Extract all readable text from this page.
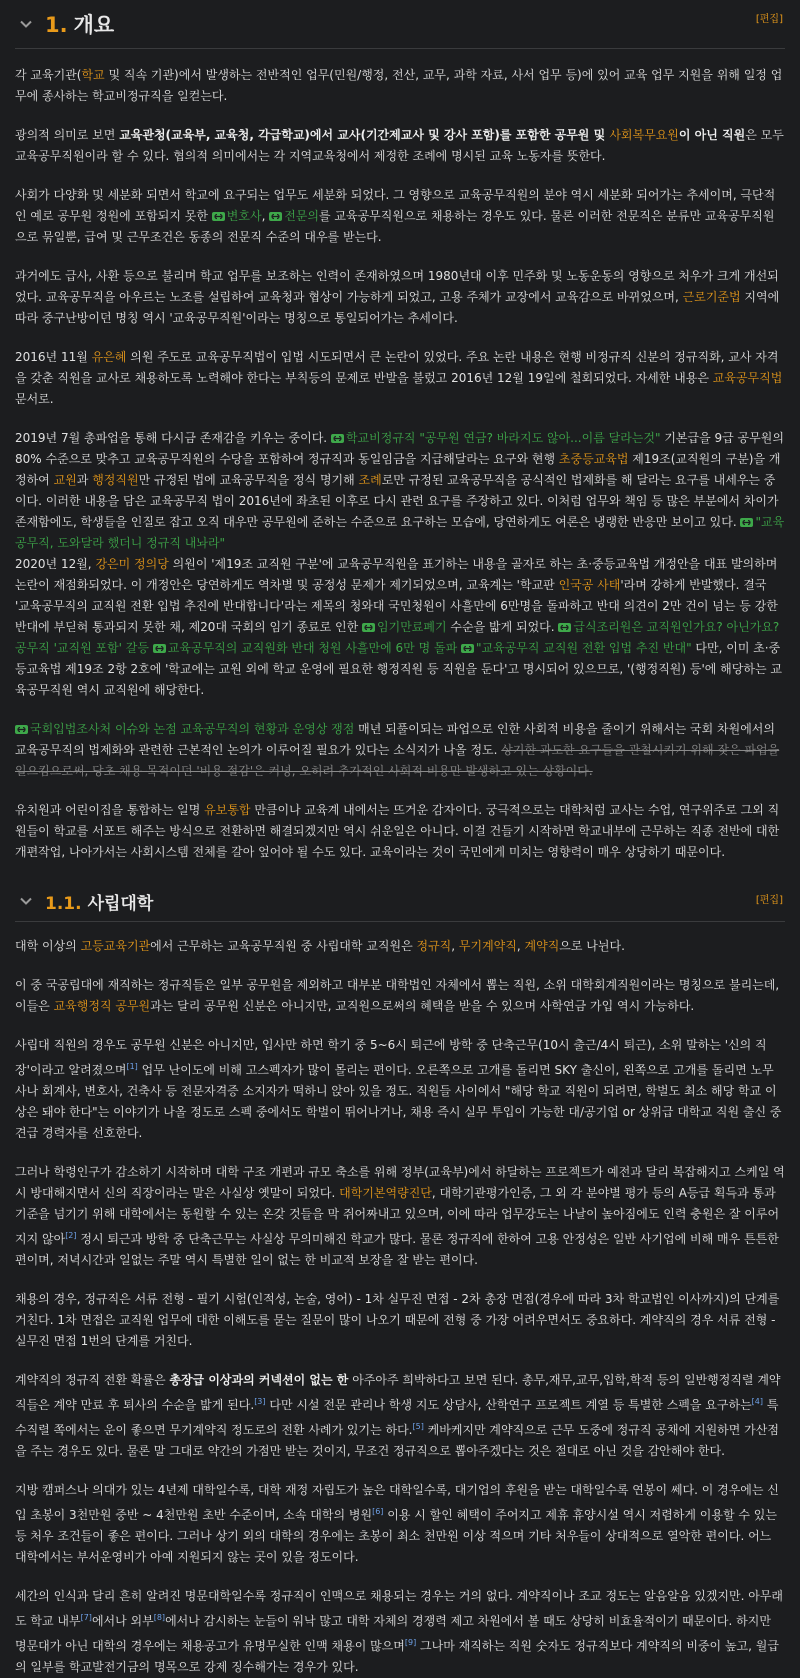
1. 개요	[편집]

각 교육기관(학교 및 직속 기관)에서 발생하는 전반적인 업무(민원/행정, 전산, 교무, 과학 자료, 사서 업무 등)에 있어 교육 업무 지원을 위해 일정 업무에 종사하는 학교비정규직을 일컫는다.

광의적 의미로 보면 교육관청(교육부, 교육청, 각급학교)에서 교사(기간제교사 및 강사 포함)를 포함한 공무원 및 사회복무요원이 아닌 직원은 모두 교육공무직원이라 할 수 있다. 협의적 의미에서는 각 지역교육청에서 제정한 조례에 명시된 교육 노동자를 뜻한다.

사회가 다양화 및 세분화 되면서 학교에 요구되는 업무도 세분화 되었다. 그 영향으로 교육공무직원의 분야 역시 세분화 되어가는 추세이며, 극단적인 예로 공무원 정원에 포함되지 못한 변호사, 전문의를 교육공무직원으로 채용하는 경우도 있다. 물론 이러한 전문직은 분류만 교육공무직원으로 묶일뿐, 급여 및 근무조건은 동종의 전문직 수준의 대우를 받는다.

과거에도 급사, 사환 등으로 불리며 학교 업무를 보조하는 인력이 존재하였으며 1980년대 이후 민주화 및 노동운동의 영향으로 처우가 크게 개선되었다. 교육공무직을 아우르는 노조를 설립하여 교육청과 협상이 가능하게 되었고, 고용 주체가 교장에서 교육감으로 바뀌었으며, 근로기준법 지역에 따라 중구난방이던 명칭 역시 '교육공무직원'이라는 명칭으로 통일되어가는 추세이다.

2016년 11월 유은혜 의원 주도로 교육공무직법이 입법 시도되면서 큰 논란이 있었다. 주요 논란 내용은 현행 비정규직 신분의 정규직화, 교사 자격을 갖춘 직원을 교사로 채용하도록 노력해야 한다는 부칙등의 문제로 반발을 불렀고 2016년 12월 19일에 철회되었다. 자세한 내용은 교육공무직법 문서로.

2019년 7월 총파업을 통해 다시금 존재감을 키우는 중이다. 학교비정규직 "공무원 연금? 바라지도 않아...이름 달라는것" 기본급을 9급 공무원의 80% 수준으로 맞추고 교육공무직원의 수당을 포함하여 정규직과 동일임금을 지급해달라는 요구와 현행 초중등교육법 제19조(교직원의 구분)을 개정하여 교원과 행정직원만 규정된 법에 교육공무직을 정식 명기해 조례로만 규정된 교육공무직을 공식적인 법제화를 해 달라는 요구를 내세우는 중이다. 이러한 내용을 담은 교육공무직 법이 2016년에 좌초된 이후로 다시 관련 요구를 주장하고 있다. 이처럼 업무와 책임 등 많은 부분에서 차이가 존재함에도, 학생들을 인질로 잡고 오직 대우만 공무원에 준하는 수준으로 요구하는 모습에, 당연하게도 여론은 냉랭한 반응만 보이고 있다. "교육공무직, 도와달라 했더니 정규직 내놔라"

2020년 12월, 강은미 정의당 의원이 '제19조 교직원 구분'에 교육공무직원을 표기하는 내용을 골자로 하는 초·중등교육법 개정안을 대표 발의하며 논란이 재점화되었다. 이 개정안은 당연하게도 역차별 및 공정성 문제가 제기되었으며, 교육계는 '학교판 인국공 사태'라며 강하게 반발했다. 결국 '교육공무직의 교직원 전환 입법 추진에 반대합니다'라는 제목의 청와대 국민청원이 사흘만에 6만명을 돌파하고 반대 의견이 2만 건이 넘는 등 강한 반대에 부딛혀 통과되지 못한 채, 제20대 국회의 임기 종료로 인한 임기만료폐기 수순을 밟게 되었다. 급식조리원은 교직원인가요? 아닌가요? 공무직 '교직원 포함' 갈등 교육공무직의 교직원화 반대 청원 사흘만에 6만 명 돌파 "교육공무직 교직원 전환 입법 추진 반대" 다만, 이미 초·중등교육법 제19조 2항 2호에 '학교에는 교원 외에 학교 운영에 필요한 행정직원 등 직원을 둔다'고 명시되어 있으므로, '(행정직원) 등'에 해당하는 교육공무직원 역시 교직원에 해당한다.

국회입법조사처 이슈와 논점 교육공무직의 현황과 운영상 쟁점 매년 되풀이되는 파업으로 인한 사회적 비용을 줄이기 위해서는 국회 차원에서의 교육공무직의 법제화와 관련한 근본적인 논의가 이루어질 필요가 있다는 소식지가 나올 정도. 상기한 과도한 요구들을 관철시키기 위해 잦은 파업을 일으킴으로써, 당초 채용 목적이던 '비용 절감'은 커녕, 오히려 추가적인 사회적 비용만 발생하고 있는 상황이다.

유치원과 어린이집을 통합하는 일명 유보통합 만큼이나 교육계 내에서는 뜨거운 감자이다. 궁극적으로는 대학처럼 교사는 수업, 연구위주로 그외 직원들이 학교를 서포트 해주는 방식으로 전환하면 해결되겠지만 역시 쉬운일은 아니다. 이걸 건들기 시작하면 학교내부에 근무하는 직종 전반에 대한 개편작업, 나아가서는 사회시스템 전체를 갈아 엎어야 될 수도 있다. 교육이라는 것이 국민에게 미치는 영향력이 매우 상당하기 때문이다.

1.1. 사립대학	[편집]

대학 이상의 고등교육기관에서 근무하는 교육공무직원 중 사립대학 교직원은 정규직, 무기계약직, 계약직으로 나뉜다.

이 중 국공립대에 재직하는 정규직들은 일부 공무원을 제외하고 대부분 대학법인 자체에서 뽑는 직원, 소위 대학회계직원이라는 명칭으로 불리는데, 이들은 교육행정직 공무원과는 달리 공무원 신분은 아니지만, 교직원으로써의 혜택을 받을 수 있으며 사학연금 가입 역시 가능하다.

사립대 직원의 경우도 공무원 신분은 아니지만, 입사만 하면 학기 중 5~6시 퇴근에 방학 중 단축근무(10시 출근/4시 퇴근), 소위 말하는 '신의 직장'이라고 알려졌으며[1] 업무 난이도에 비해 고스펙자가 많이 몰리는 편이다. 오른쪽으로 고개를 돌리면 SKY 출신이, 왼쪽으로 고개를 돌리면 노무사나 회계사, 변호사, 건축사 등 전문자격증 소지자가 떡하니 앉아 있을 정도. 직원들 사이에서 "해당 학교 직원이 되려면, 학벌도 최소 해당 학교 이상은 돼야 한다"는 이야기가 나올 정도로 스펙 중에서도 학벌이 뛰어나거나, 채용 즉시 실무 투입이 가능한 대/공기업 or 상위급 대학교 직원 출신 중견급 경력자를 선호한다.

그러나 학령인구가 감소하기 시작하며 대학 구조 개편과 규모 축소를 위해 정부(교육부)에서 하달하는 프로젝트가 예전과 달리 복잡해지고 스케일 역시 방대해지면서 신의 직장이라는 말은 사실상 옛말이 되었다. 대학기본역량진단, 대학기관평가인증, 그 외 각 분야별 평가 등의 A등급 획득과 통과 기준을 넘기기 위해 대학에서는 동원할 수 있는 온갖 것들을 막 쥐어짜내고 있으며, 이에 따라 업무강도는 나날이 높아짐에도 인력 충원은 잘 이루어지지 않아[2] 정시 퇴근과 방학 중 단축근무는 사실상 무의미해진 학교가 많다. 물론 정규직에 한하여 고용 안정성은 일반 사기업에 비해 매우 튼튼한 편이며, 저녁시간과 일없는 주말 역시 특별한 일이 없는 한 비교적 보장을 잘 받는 편이다.

채용의 경우, 정규직은 서류 전형 - 필기 시험(인적성, 논술, 영어) - 1차 실무진 면접 - 2차 총장 면접(경우에 따라 3차 학교법인 이사까지)의 단계를 거친다. 1차 면접은 교직원 업무에 대한 이해도를 묻는 질문이 많이 나오기 때문에 전형 중 가장 어려우면서도 중요하다. 계약직의 경우 서류 전형 - 실무진 면접 1번의 단계를 거친다.

계약직의 정규직 전환 확률은 총장급 이상과의 커넥션이 없는 한 아주아주 희박하다고 보면 된다. 총무,재무,교무,입학,학적 등의 일반행정직렬 계약직들은 계약 만료 후 퇴사의 수순을 밟게 된다.[3] 다만 시설 전문 관리나 학생 지도 상담사, 산학연구 프로젝트 계열 등 특별한 스펙을 요구하는[4] 특수직렬 쪽에서는 운이 좋으면 무기계약직 정도로의 전환 사례가 있기는 하다.[5] 케바케지만 계약직으로 근무 도중에 정규직 공채에 지원하면 가산점을 주는 경우도 있다. 물론 말 그대로 약간의 가점만 받는 것이지, 무조건 정규직으로 뽑아주겠다는 것은 절대로 아닌 것을 감안해야 한다.

지방 캠퍼스나 의대가 있는 4년제 대학일수록, 대학 재정 자립도가 높은 대학일수록, 대기업의 후원을 받는 대학일수록 연봉이 쎄다. 이 경우에는 신입 초봉이 3천만원 중반 ~ 4천만원 초반 수준이며, 소속 대학의 병원[6] 이용 시 할인 혜택이 주어지고 제휴 휴양시설 역시 저렴하게 이용할 수 있는 등 처우 조건들이 좋은 편이다. 그러나 상기 외의 대학의 경우에는 초봉이 최소 천만원 이상 적으며 기타 처우들이 상대적으로 열악한 편이다. 어느 대학에서는 부서운영비가 아예 지원되지 않는 곳이 있을 정도이다.

세간의 인식과 달리 흔히 알려진 명문대학일수록 정규직이 인맥으로 채용되는 경우는 거의 없다. 계약직이나 조교 정도는 알음알음 있겠지만. 아무래도 학교 내부[7]에서나 외부[8]에서나 감시하는 눈들이 워낙 많고 대학 자체의 경쟁력 제고 차원에서 볼 때도 상당히 비효율적이기 때문이다. 하지만 명문대가 아닌 대학의 경우에는 채용공고가 유명무실한 인맥 채용이 많으며[9] 그나마 재직하는 직원 숫자도 정규직보다 계약직의 비중이 높고, 월급의 일부를 학교발전기금의 명목으로 강제 징수해가는 경우가 있다.
